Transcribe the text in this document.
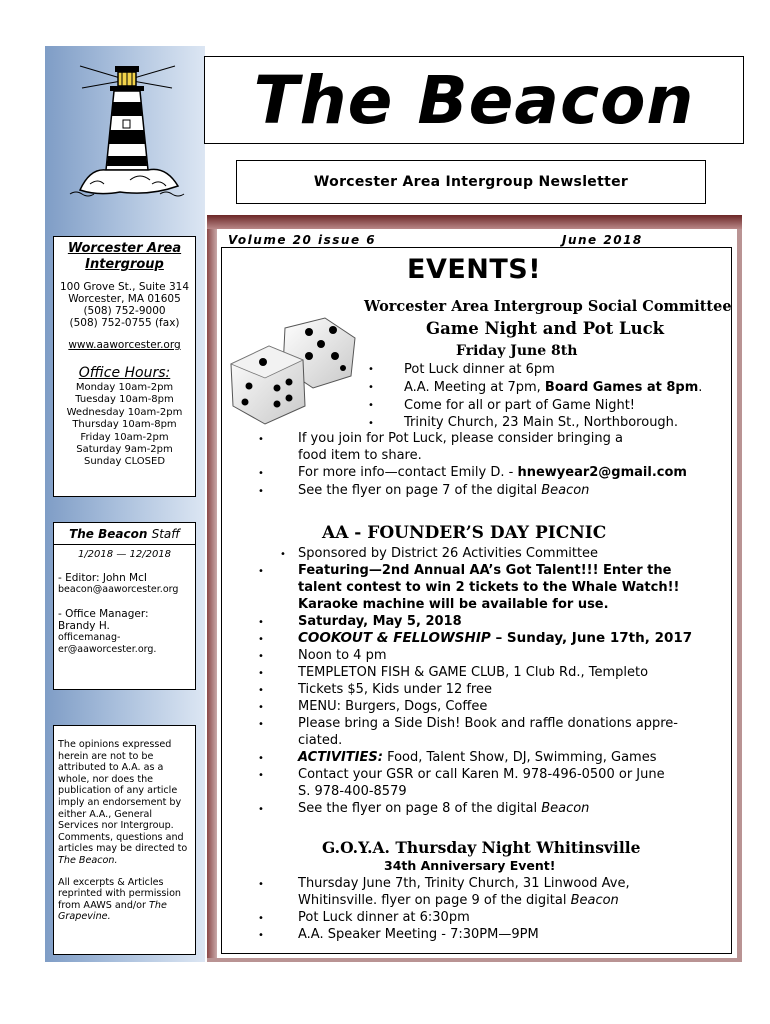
Worcester Area
Intergroup
100 Grove St., Suite 314
Worcester, MA 01605
(508) 752-9000
(508) 752-0755 (fax)
www.aaworcester.org
Office Hours:
Monday 10am-2pm
Tuesday 10am-8pm
Wednesday 10am-2pm
Thursday 10am-8pm
Friday 10am-2pm
Saturday 9am-2pm
Sunday CLOSED
The Beacon Staff
1/2018 — 12/2018
- Editor: John McI
beacon@aaworcester.org
- Office Manager:
Brandy H.
officemanag-
er@aaworcester.org.

The opinions expressed herein are not to be attributed to A.A. as a whole, nor does the publication of any article imply an endorsement by either A.A., General Services nor Intergroup. Comments, questions and articles may be directed to The Beacon.

All excerpts & Articles reprinted with permission from AAWS and/or The Grapevine.

The Beacon
Worcester Area Intergroup Newsletter
Volume 20 issue 6	June 2018
EVENTS!
Worcester Area Intergroup Social Committee
Game Night and Pot Luck
Friday June 8th
• Pot Luck dinner at 6pm
• A.A. Meeting at 7pm, Board Games at 8pm.
• Come for all or part of Game Night!
• Trinity Church, 23 Main St., Northborough.
•	If you join for Pot Luck, please consider bringing a
food item to share.
•	For more info—contact Emily D. - hnewyear2@gmail.com
•	See the flyer on page 7 of the digital Beacon
AA - FOUNDER’S DAY PICNIC
• Sponsored by District 26 Activities Committee
•	Featuring—2nd Annual AA’s Got Talent!!! Enter the
talent contest to win 2 tickets to the Whale Watch!!
Karaoke machine will be available for use.
•	Saturday, May 5, 2018
•	COOKOUT & FELLOWSHIP – Sunday, June 17th, 2017
•	Noon to 4 pm
•	TEMPLETON FISH & GAME CLUB, 1 Club Rd., Templeto
•	Tickets $5, Kids under 12 free
•	MENU: Burgers, Dogs, Coffee
•	Please bring a Side Dish! Book and raffle donations appre-
ciated.
•	ACTIVITIES: Food, Talent Show, DJ, Swimming, Games
•	Contact your GSR or call Karen M. 978-496-0500 or June
S. 978-400-8579
•	See the flyer on page 8 of the digital Beacon
G.O.Y.A. Thursday Night Whitinsville
34th Anniversary Event!
•	Thursday June 7th, Trinity Church, 31 Linwood Ave,
Whitinsville. flyer on page 9 of the digital Beacon
•	Pot Luck dinner at 6:30pm
•	A.A. Speaker Meeting - 7:30PM—9PM
